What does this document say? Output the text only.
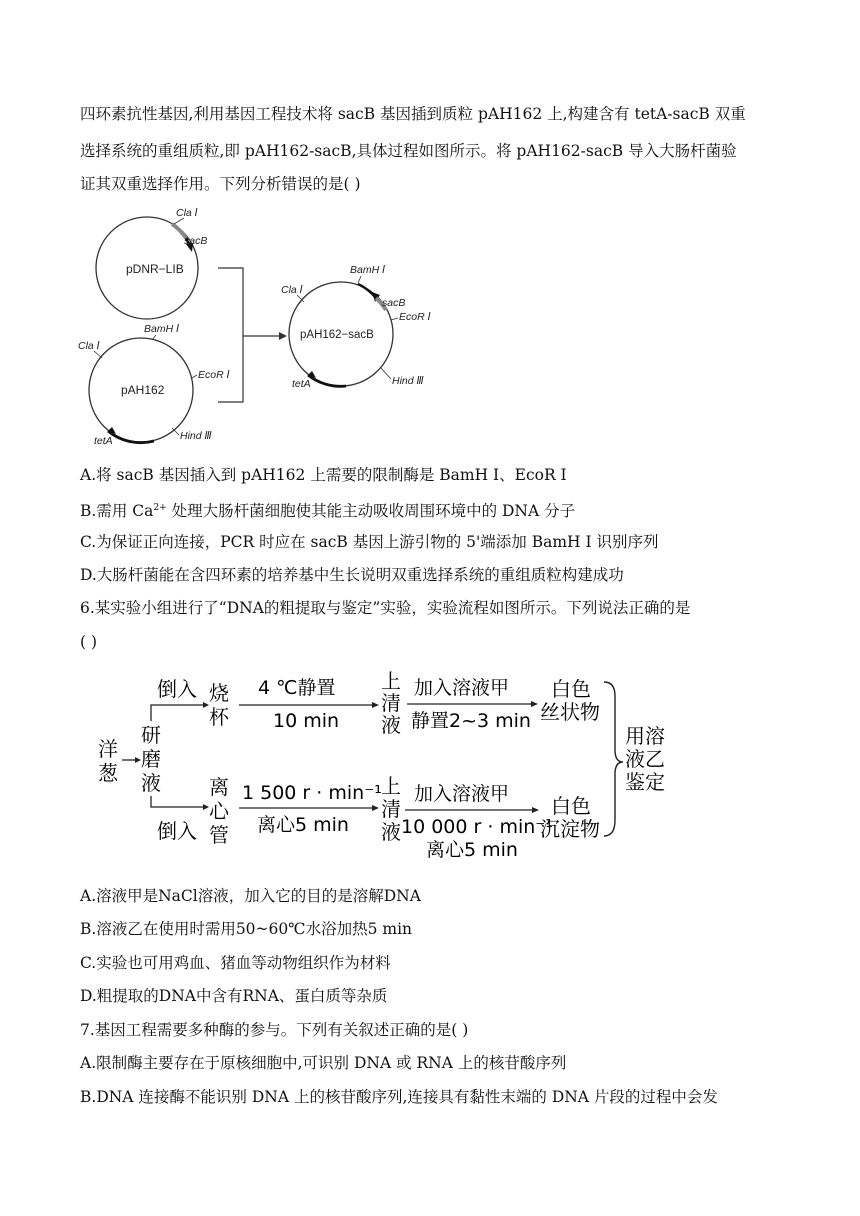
四环素抗性基因,利用基因工程技术将 sacB 基因插到质粒 pAH162 上,构建含有 tetA-sacB 双重
选择系统的重组质粒,即 pAH162-sacB,具体过程如图所示。将 pAH162-sacB 导入大肠杆菌验
证其双重选择作用。下列分析错误的是( )
pDNR−LIB
Cla Ⅰ
sacB
pAH162
Cla Ⅰ
BamH Ⅰ
EcoR Ⅰ
Hind Ⅲ
tetA
pAH162−sacB
Cla Ⅰ
BamH Ⅰ
sacB
EcoR Ⅰ
Hind Ⅲ
tetA
A.将 sacB 基因插入到 pAH162 上需要的限制酶是 BamH I、EcoR I
B.需用 $Ca^{2+}$ 处理大肠杆菌细胞使其能主动吸收周围环境中的 DNA 分子
C.为保证正向连接，PCR 时应在 sacB 基因上游引物的 5'端添加 BamH I 识别序列
D.大肠杆菌能在含四环素的培养基中生长说明双重选择系统的重组质粒构建成功
6.某实验小组进行了“DNA的粗提取与鉴定”实验，实验流程如图所示。下列说法正确的是
( )
洋
葱
研
磨
液
倒入
倒入
烧
杯
离
心
管
4 ℃静置
10 min
1 500 r · min⁻¹
离心5 min
上
清
液
上
清
液
加入溶液甲
静置2~3 min
加入溶液甲
10 000 r · min⁻¹
离心5 min
白色
丝状物
白色
沉淀物
用溶
液乙
鉴定
A.溶液甲是NaCl溶液，加入它的目的是溶解DNA
B.溶液乙在使用时需用50~60℃水浴加热5 min
C.实验也可用鸡血、猪血等动物组织作为材料
D.粗提取的DNA中含有RNA、蛋白质等杂质
7.基因工程需要多种酶的参与。下列有关叙述正确的是( )
A.限制酶主要存在于原核细胞中,可识别 DNA 或 RNA 上的核苷酸序列
B.DNA 连接酶不能识别 DNA 上的核苷酸序列,连接具有黏性末端的 DNA 片段的过程中会发
